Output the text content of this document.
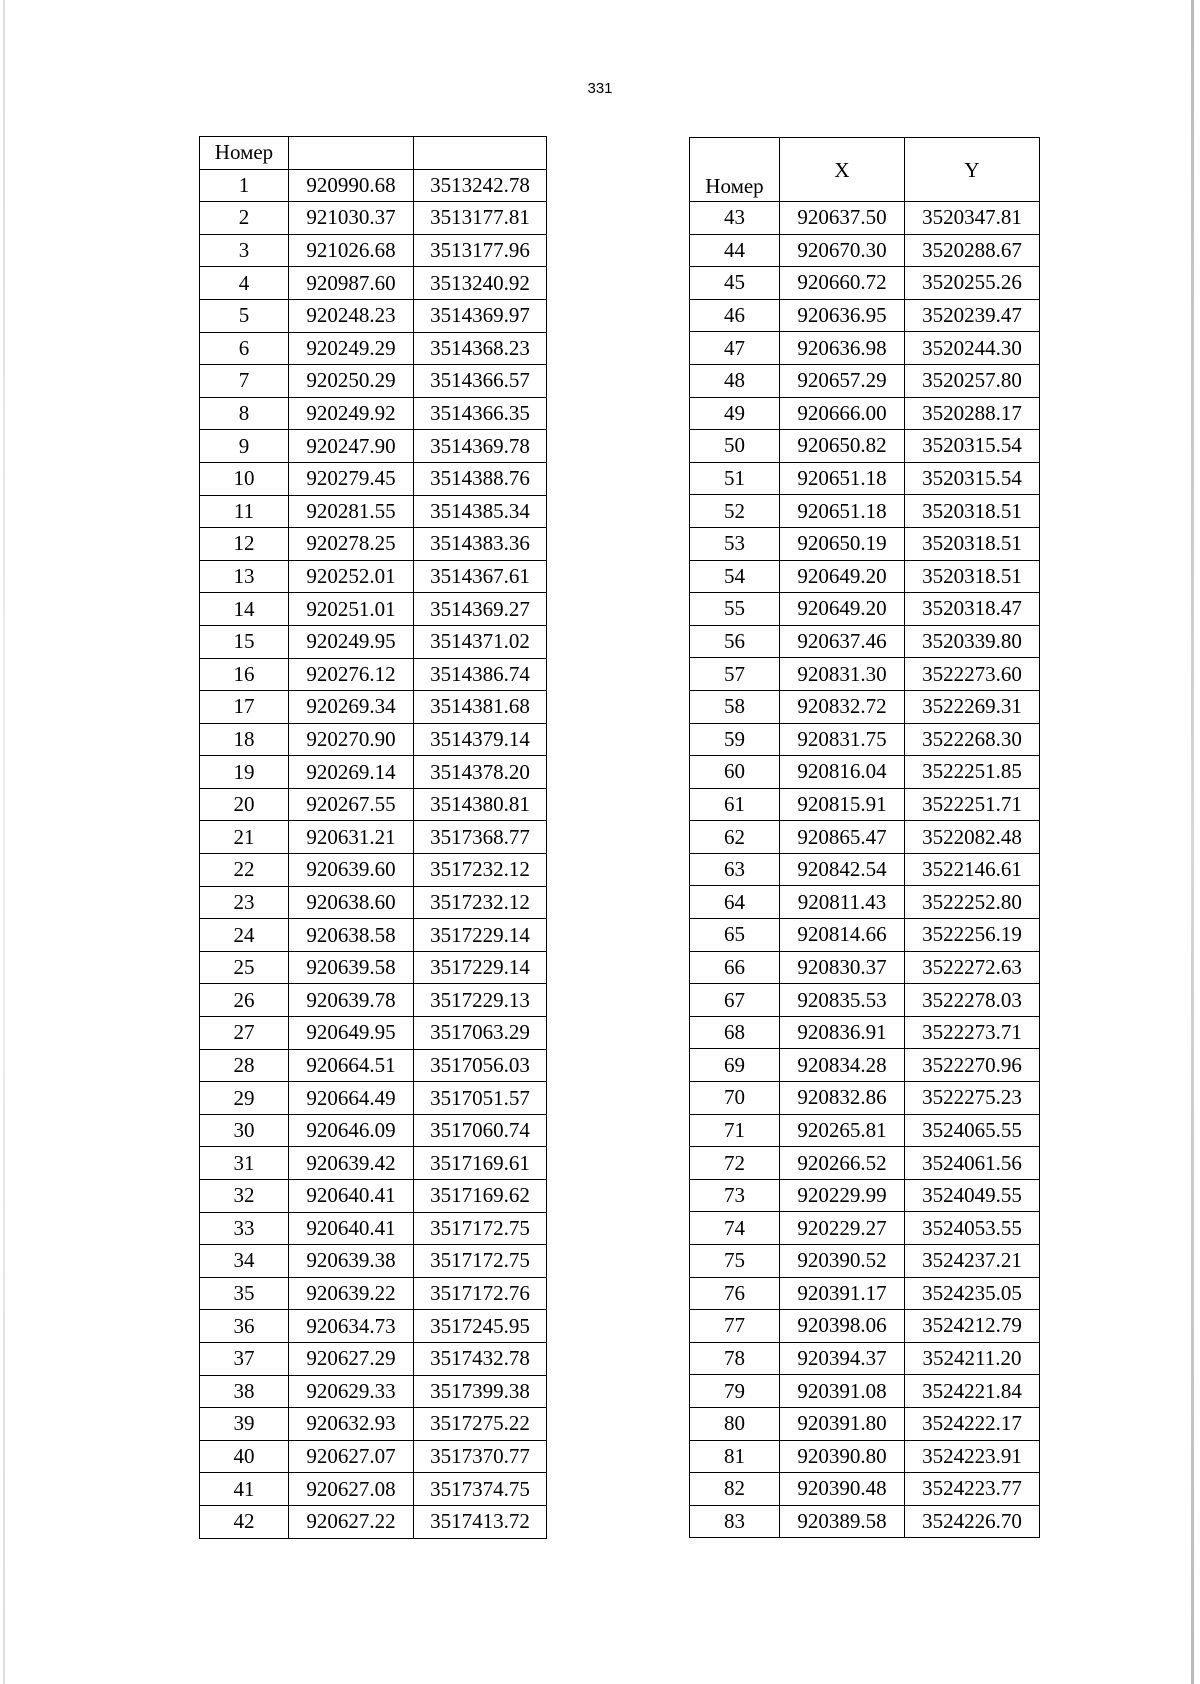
331
Номер		
1	920990.68	3513242.78
2	921030.37	3513177.81
3	921026.68	3513177.96
4	920987.60	3513240.92
5	920248.23	3514369.97
6	920249.29	3514368.23
7	920250.29	3514366.57
8	920249.92	3514366.35
9	920247.90	3514369.78
10	920279.45	3514388.76
11	920281.55	3514385.34
12	920278.25	3514383.36
13	920252.01	3514367.61
14	920251.01	3514369.27
15	920249.95	3514371.02
16	920276.12	3514386.74
17	920269.34	3514381.68
18	920270.90	3514379.14
19	920269.14	3514378.20
20	920267.55	3514380.81
21	920631.21	3517368.77
22	920639.60	3517232.12
23	920638.60	3517232.12
24	920638.58	3517229.14
25	920639.58	3517229.14
26	920639.78	3517229.13
27	920649.95	3517063.29
28	920664.51	3517056.03
29	920664.49	3517051.57
30	920646.09	3517060.74
31	920639.42	3517169.61
32	920640.41	3517169.62
33	920640.41	3517172.75
34	920639.38	3517172.75
35	920639.22	3517172.76
36	920634.73	3517245.95
37	920627.29	3517432.78
38	920629.33	3517399.38
39	920632.93	3517275.22
40	920627.07	3517370.77
41	920627.08	3517374.75
42	920627.22	3517413.72
Номер	X	Y
43	920637.50	3520347.81
44	920670.30	3520288.67
45	920660.72	3520255.26
46	920636.95	3520239.47
47	920636.98	3520244.30
48	920657.29	3520257.80
49	920666.00	3520288.17
50	920650.82	3520315.54
51	920651.18	3520315.54
52	920651.18	3520318.51
53	920650.19	3520318.51
54	920649.20	3520318.51
55	920649.20	3520318.47
56	920637.46	3520339.80
57	920831.30	3522273.60
58	920832.72	3522269.31
59	920831.75	3522268.30
60	920816.04	3522251.85
61	920815.91	3522251.71
62	920865.47	3522082.48
63	920842.54	3522146.61
64	920811.43	3522252.80
65	920814.66	3522256.19
66	920830.37	3522272.63
67	920835.53	3522278.03
68	920836.91	3522273.71
69	920834.28	3522270.96
70	920832.86	3522275.23
71	920265.81	3524065.55
72	920266.52	3524061.56
73	920229.99	3524049.55
74	920229.27	3524053.55
75	920390.52	3524237.21
76	920391.17	3524235.05
77	920398.06	3524212.79
78	920394.37	3524211.20
79	920391.08	3524221.84
80	920391.80	3524222.17
81	920390.80	3524223.91
82	920390.48	3524223.77
83	920389.58	3524226.70
